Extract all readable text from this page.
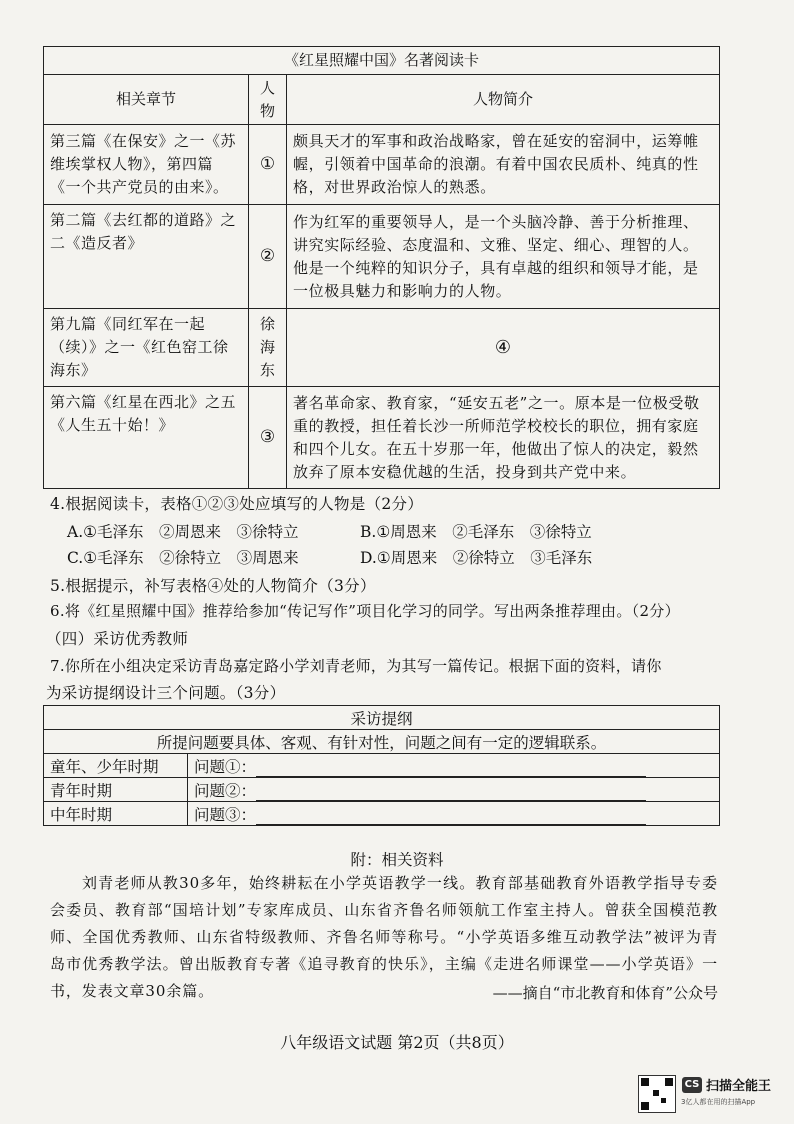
《红星照耀中国》名著阅读卡		
相关章节	人物	人物简介
第三篇《在保安》之一《苏维埃掌权人物》，第四篇《一个共产党员的由来》。	①	颇具天才的军事和政治战略家，曾在延安的窑洞中，运筹帷幄，引领着中国革命的浪潮。有着中国农民质朴、纯真的性格，对世界政治惊人的熟悉。
第二篇《去红都的道路》之二《造反者》	②	作为红军的重要领导人，是一个头脑冷静、善于分析推理、讲究实际经验、态度温和、文雅、坚定、细心、理智的人。他是一个纯粹的知识分子，具有卓越的组织和领导才能，是一位极具魅力和影响力的人物。
第九篇《同红军在一起（续）》之一《红色窑工徐海东》	徐海东	④
第六篇《红星在西北》之五《人生五十始！》	③	著名革命家、教育家，“延安五老”之一。原本是一位极受敬重的教授，担任着长沙一所师范学校校长的职位，拥有家庭和四个儿女。在五十岁那一年，他做出了惊人的决定，毅然放弃了原本安稳优越的生活，投身到共产党中来。
4.根据阅读卡，表格①②③处应填写的人物是（2分）
A.①毛泽东　②周恩来　③徐特立	B.①周恩来　②毛泽东　③徐特立
C.①毛泽东　②徐特立　③周恩来	D.①周恩来　②徐特立　③毛泽东
5.根据提示，补写表格④处的人物简介（3分）
6.将《红星照耀中国》推荐给参加“传记写作”项目化学习的同学。写出两条推荐理由。（2分）
（四）采访优秀教师
7.你所在小组决定采访青岛嘉定路小学刘青老师，为其写一篇传记。根据下面的资料，请你
为采访提纲设计三个问题。（3分）
采访提纲	
所提问题要具体、客观、有针对性，问题之间有一定的逻辑联系。	
童年、少年时期	问题①：
青年时期	问题②：
中年时期	问题③：
附：相关资料
刘青老师从教30多年，始终耕耘在小学英语教学一线。教育部基础教育外语教学指导专委会委员、教育部“国培计划”专家库成员、山东省齐鲁名师领航工作室主持人。曾获全国模范教师、全国优秀教师、山东省特级教师、齐鲁名师等称号。“小学英语多维互动教学法”被评为青岛市优秀教学法。曾出版教育专著《追寻教育的快乐》，主编《走进名师课堂——小学英语》一书，发表文章30余篇。	——摘自“市北教育和体育”公众号
八年级语文试题 第2页（共8页）
CS 扫描全能王
3亿人都在用的扫描App
